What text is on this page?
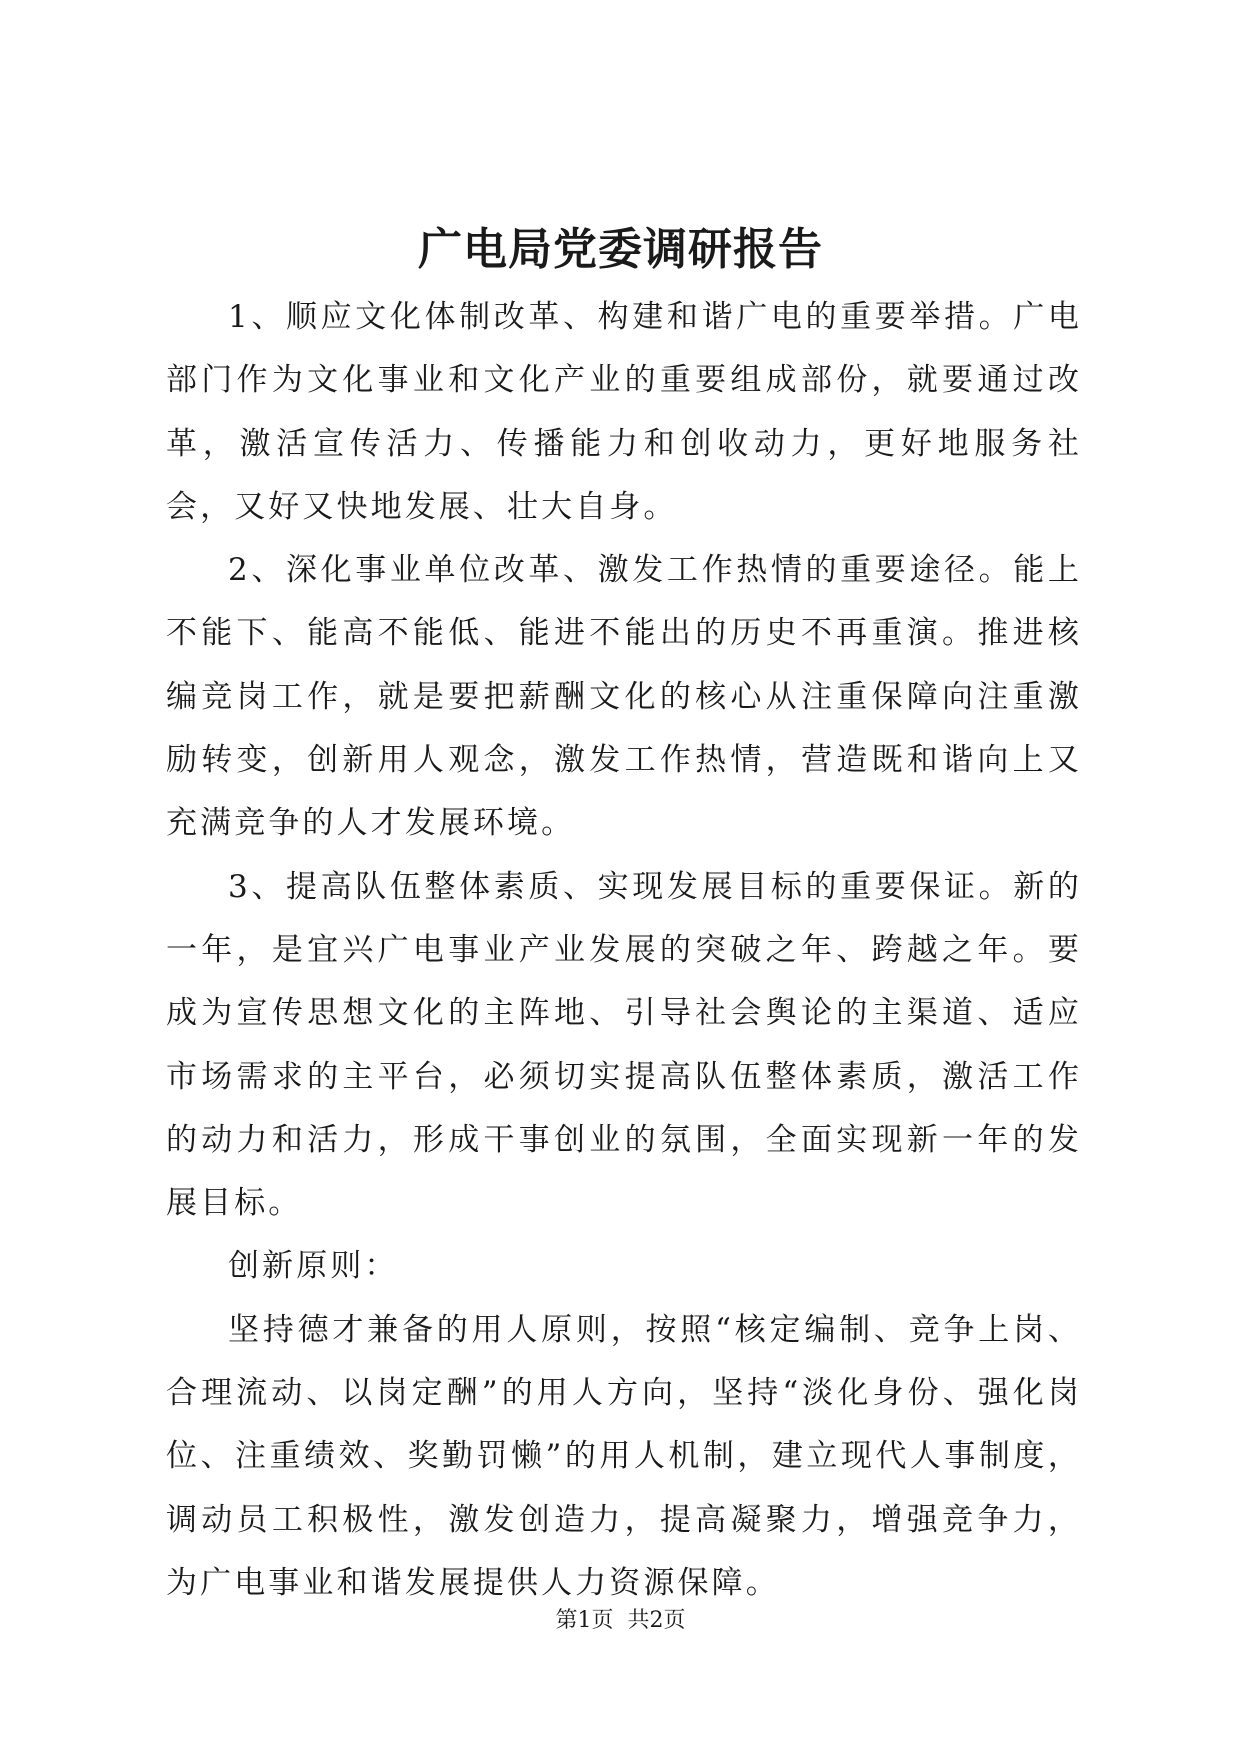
广电局党委调研报告

1、顺应文化体制改革、构建和谐广电的重要举措。广电部门作为文化事业和文化产业的重要组成部份，就要通过改革，激活宣传活力、传播能力和创收动力，更好地服务社会，又好又快地发展、壮大自身。

2、深化事业单位改革、激发工作热情的重要途径。能上不能下、能高不能低、能进不能出的历史不再重演。推进核编竞岗工作，就是要把薪酬文化的核心从注重保障向注重激励转变，创新用人观念，激发工作热情，营造既和谐向上又充满竞争的人才发展环境。

3、提高队伍整体素质、实现发展目标的重要保证。新的一年，是宜兴广电事业产业发展的突破之年、跨越之年。要成为宣传思想文化的主阵地、引导社会舆论的主渠道、适应市场需求的主平台，必须切实提高队伍整体素质，激活工作的动力和活力，形成干事创业的氛围，全面实现新一年的发展目标。

创新原则：

坚持德才兼备的用人原则，按照“核定编制、竞争上岗、合理流动、以岗定酬”的用人方向，坚持“淡化身份、强化岗位、注重绩效、奖勤罚懒”的用人机制，建立现代人事制度，调动员工积极性，激发创造力，提高凝聚力，增强竞争力，为广电事业和谐发展提供人力资源保障。

第1页 共2页
